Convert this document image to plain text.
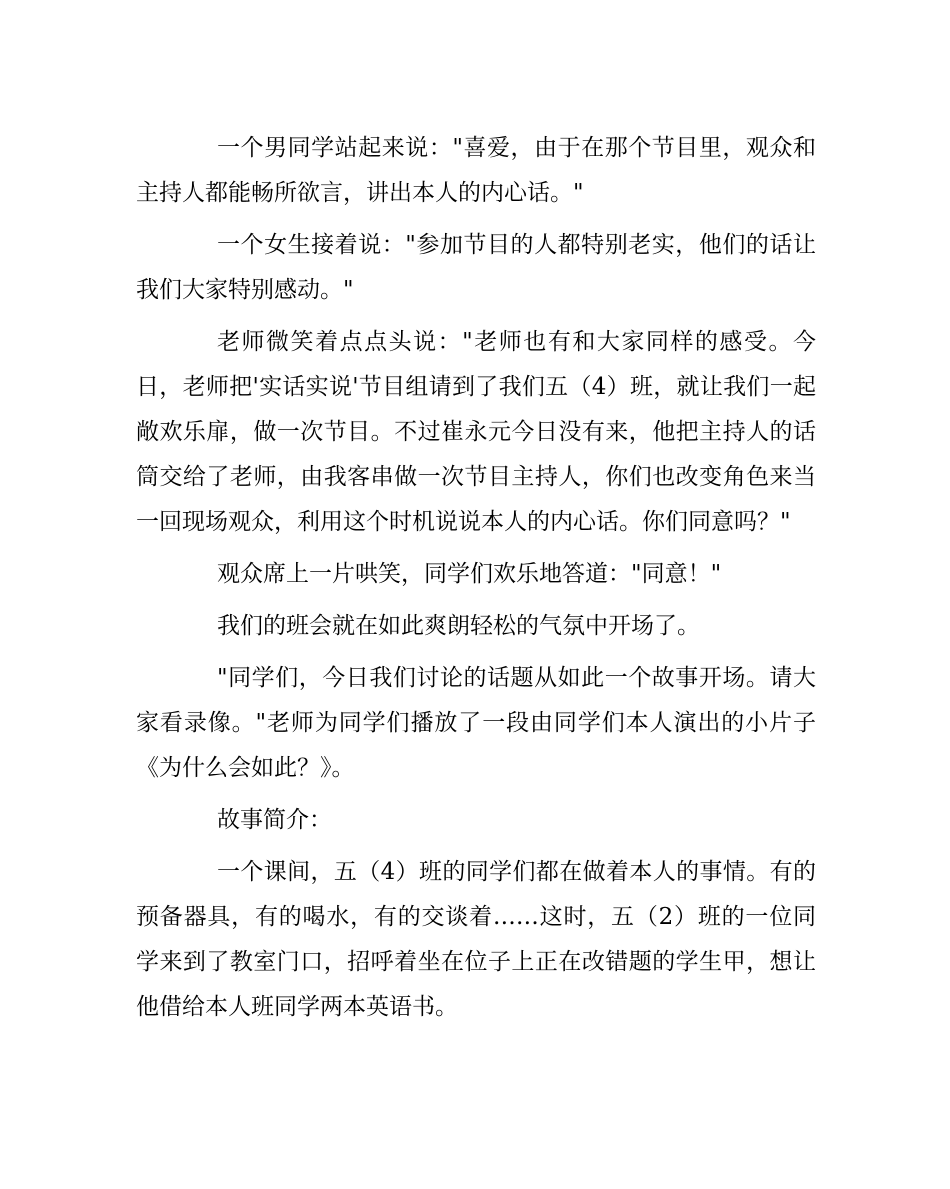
一个男同学站起来说："喜爱，由于在那个节目里，观众和主持人都能畅所欲言，讲出本人的内心话。"

一个女生接着说："参加节目的人都特别老实，他们的话让我们大家特别感动。"

老师微笑着点点头说："老师也有和大家同样的感受。今日，老师把'实话实说'节目组请到了我们五（4）班，就让我们一起敞欢乐扉，做一次节目。不过崔永元今日没有来，他把主持人的话筒交给了老师，由我客串做一次节目主持人，你们也改变角色来当一回现场观众，利用这个时机说说本人的内心话。你们同意吗？"

观众席上一片哄笑，同学们欢乐地答道："同意！"

我们的班会就在如此爽朗轻松的气氛中开场了。

"同学们，今日我们讨论的话题从如此一个故事开场。请大家看录像。"老师为同学们播放了一段由同学们本人演出的小片子《为什么会如此？》。

故事简介：

一个课间，五（4）班的同学们都在做着本人的事情。有的预备器具，有的喝水，有的交谈着……这时，五（2）班的一位同学来到了教室门口，招呼着坐在位子上正在改错题的学生甲，想让他借给本人班同学两本英语书。
